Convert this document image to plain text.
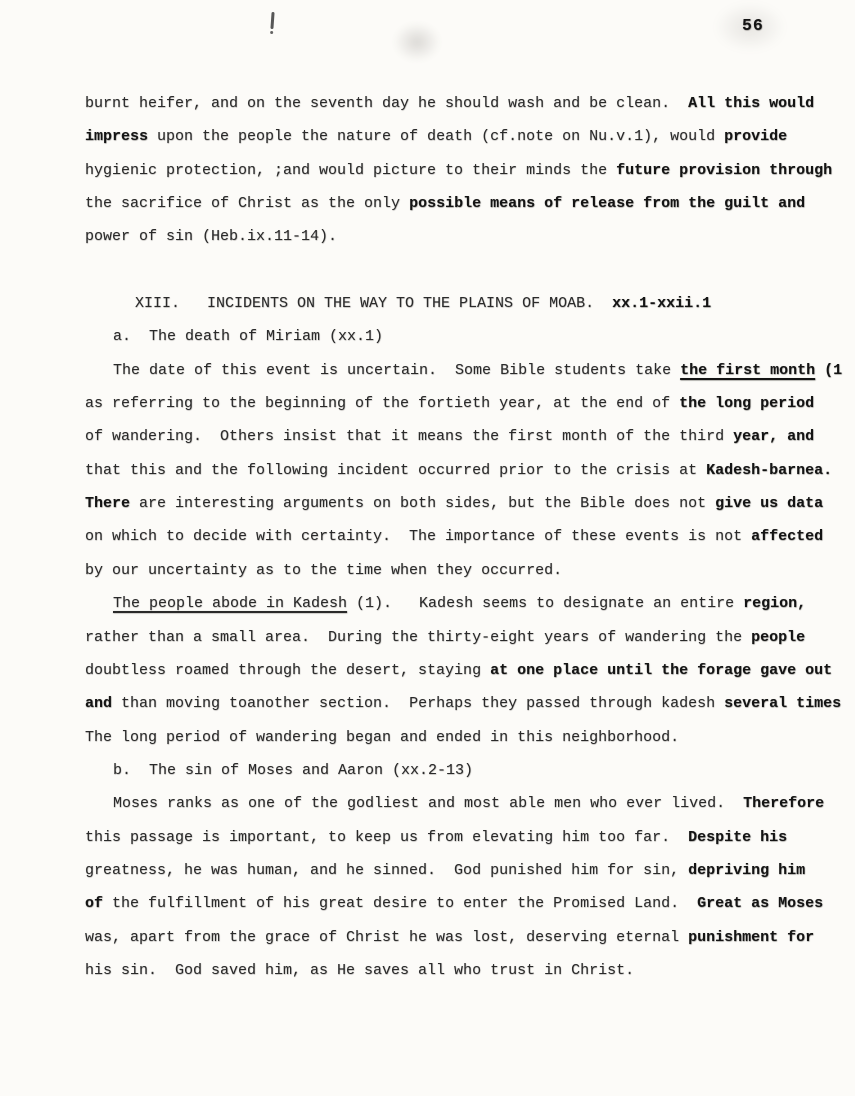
56
burnt heifer, and on the seventh day he should wash and be clean.  All this would
impress upon the people the nature of death (cf.note on Nu.v.1), would provide
hygienic protection, ;and would picture to their minds the future provision through
the sacrifice of Christ as the only possible means of release from the guilt and
power of sin (Heb.ix.11-14).
XIII.   INCIDENTS ON THE WAY TO THE PLAINS OF MOAB.  xx.1-xxii.1
a.  The death of Miriam (xx.1)
The date of this event is uncertain.  Some Bible students take the first month (1
as referring to the beginning of the fortieth year, at the end of the long period
of wandering.  Others insist that it means the first month of the third year, and
that this and the following incident occurred prior to the crisis at Kadesh-barnea.
There are interesting arguments on both sides, but the Bible does not give us data
on which to decide with certainty.  The importance of these events is not affected
by our uncertainty as to the time when they occurred.
The people abode in Kadesh (1).   Kadesh seems to designate an entire region,
rather than a small area.  During the thirty-eight years of wandering the people
doubtless roamed through the desert, staying at one place until the forage gave out
and than moving toanother section.  Perhaps they passed through kadesh several times
The long period of wandering began and ended in this neighborhood.
b.  The sin of Moses and Aaron (xx.2-13)
Moses ranks as one of the godliest and most able men who ever lived.  Therefore
this passage is important, to keep us from elevating him too far.  Despite his
greatness, he was human, and he sinned.  God punished him for sin, depriving him
of the fulfillment of his great desire to enter the Promised Land.  Great as Moses
was, apart from the grace of Christ he was lost, deserving eternal punishment for
his sin.  God saved him, as He saves all who trust in Christ.
